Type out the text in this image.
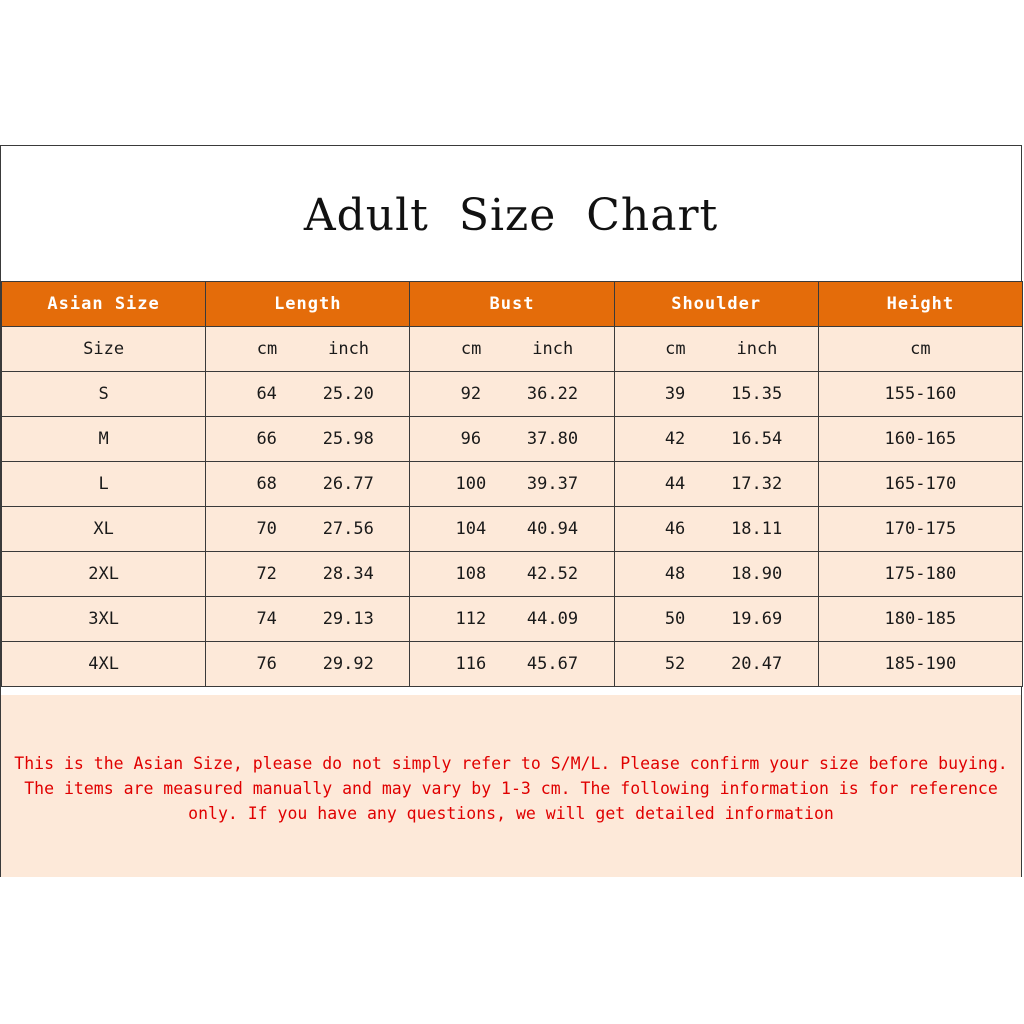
Adult  Size  Chart
Asian Size	Length	Bust	Shoulder	Height
Size	cm inch	cm inch	cm inch	cm
S	64 25.20	92 36.22	39 15.35	155-160
M	66 25.98	96 37.80	42 16.54	160-165
L	68 26.77	100 39.37	44 17.32	165-170
XL	70 27.56	104 40.94	46 18.11	170-175
2XL	72 28.34	108 42.52	48 18.90	175-180
3XL	74 29.13	112 44.09	50 19.69	180-185
4XL	76 29.92	116 45.67	52 20.47	185-190

This is the Asian Size, please do not simply refer to S/M/L. Please confirm your size before buying.

The items are measured manually and may vary by 1-3 cm. The following information is for reference

only. If you have any questions, we will get detailed information
